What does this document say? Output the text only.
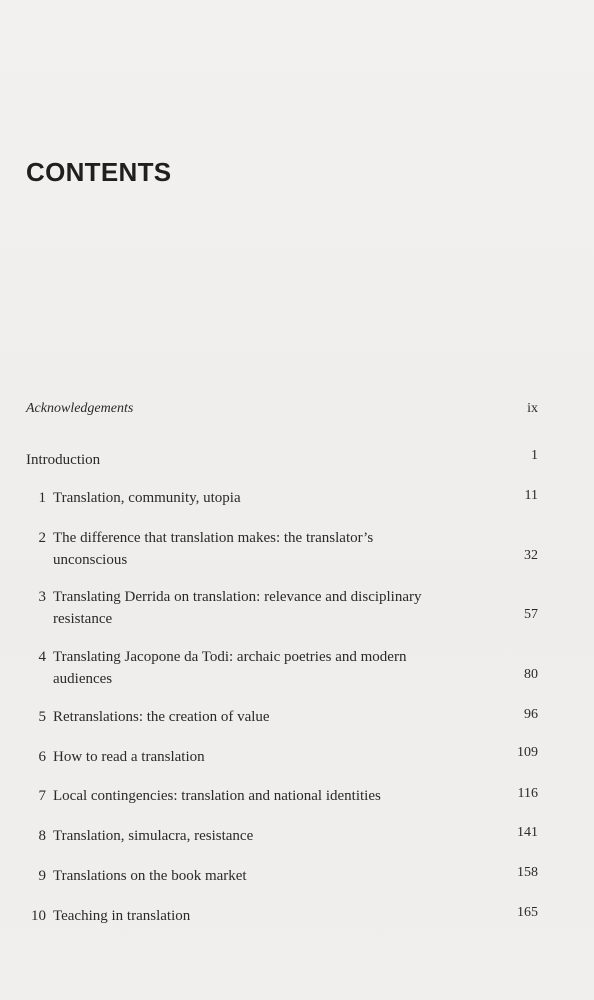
CONTENTS
Acknowledgements	ix
Introduction	1
1 Translation, community, utopia	11
2 The difference that translation makes: the translator’s
unconscious	32
3 Translating Derrida on translation: relevance and disciplinary
resistance	57
4 Translating Jacopone da Todi: archaic poetries and modern
audiences	80
5 Retranslations: the creation of value	96
6 How to read a translation	109
7 Local contingencies: translation and national identities	116
8 Translation, simulacra, resistance	141
9 Translations on the book market	158
10 Teaching in translation	165
